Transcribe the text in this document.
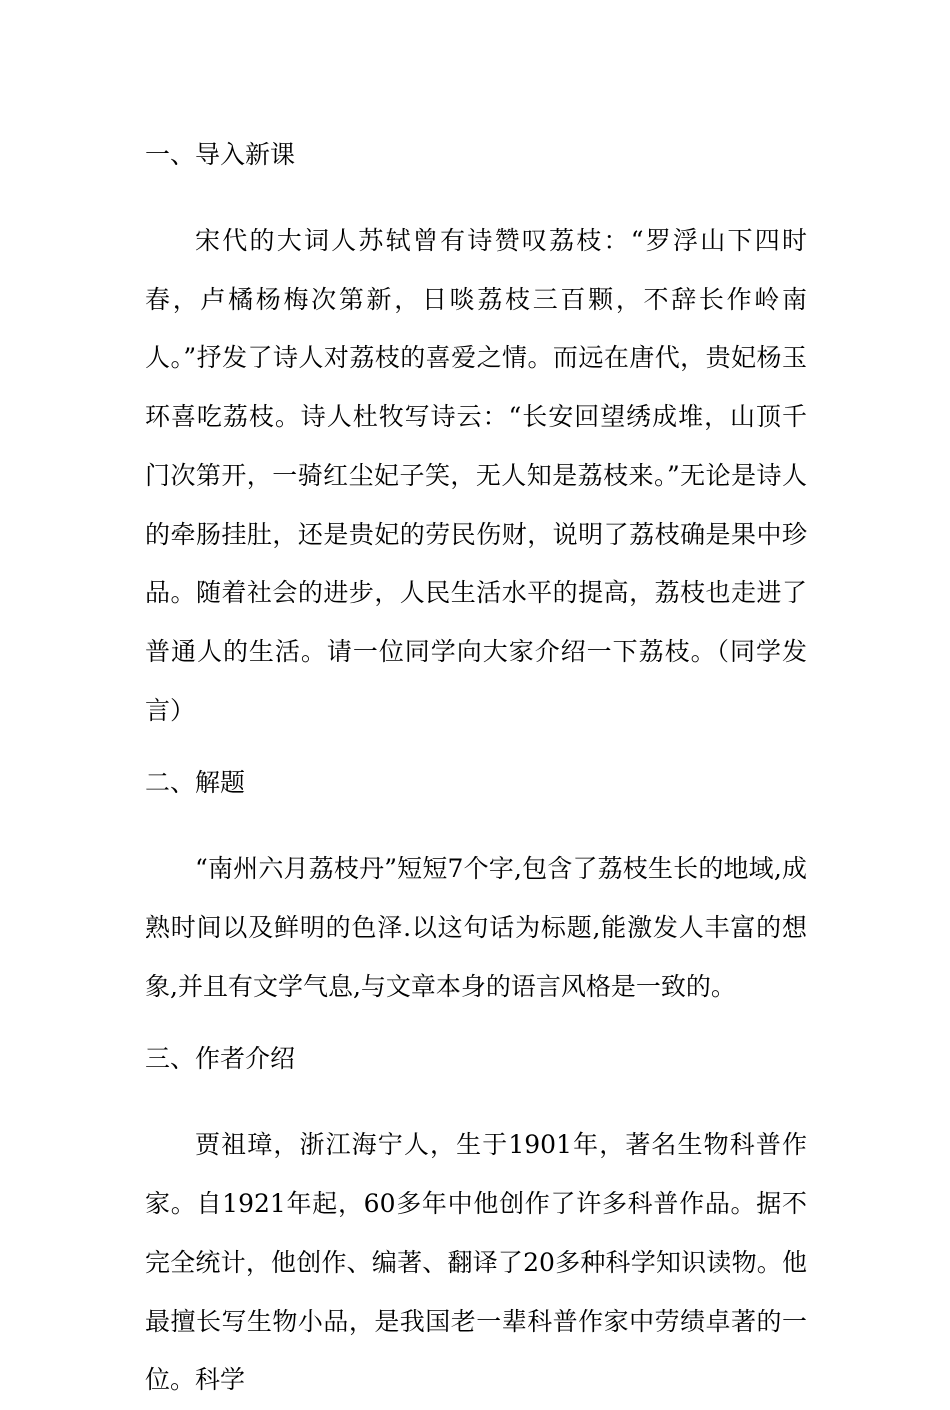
一、导入新课

宋代的大词人苏轼曾有诗赞叹荔枝：“罗浮山下四时春，卢橘杨梅次第新，日啖荔枝三百颗，不辞长作岭南人。”抒发了诗人对荔枝的喜爱之情。而远在唐代，贵妃杨玉环喜吃荔枝。诗人杜牧写诗云：“长安回望绣成堆，山顶千门次第开，一骑红尘妃子笑，无人知是荔枝来。”无论是诗人的牵肠挂肚，还是贵妃的劳民伤财，说明了荔枝确是果中珍品。随着社会的进步，人民生活水平的提高，荔枝也走进了普通人的生活。请一位同学向大家介绍一下荔枝。（同学发言）

二、解题

“南州六月荔枝丹”短短7个字,包含了荔枝生长的地域,成熟时间以及鲜明的色泽.以这句话为标题,能激发人丰富的想象,并且有文学气息,与文章本身的语言风格是一致的。

三、作者介绍

贾祖璋，浙江海宁人，生于1901年，著名生物科普作家。自1921年起，60多年中他创作了许多科普作品。据不完全统计，他创作、编著、翻译了20多种科学知识读物。他最擅长写生物小品，是我国老一辈科普作家中劳绩卓著的一位。科学
